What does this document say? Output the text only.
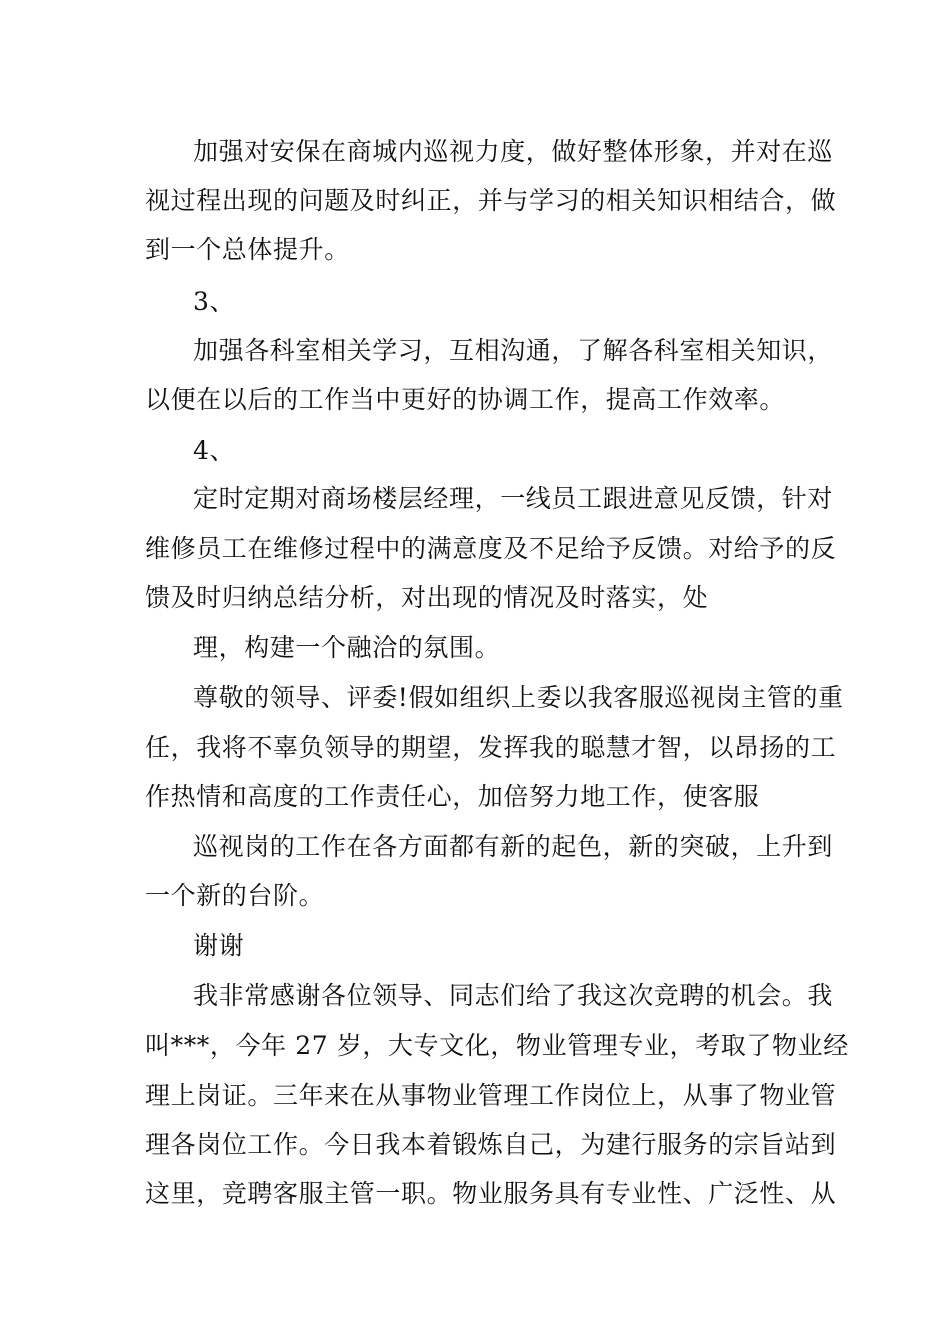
加强对安保在商城内巡视力度，做好整体形象，并对在巡
视过程出现的问题及时纠正，并与学习的相关知识相结合，做
到一个总体提升。
3、
加强各科室相关学习，互相沟通，了解各科室相关知识，
以便在以后的工作当中更好的协调工作，提高工作效率。
4、
定时定期对商场楼层经理，一线员工跟进意见反馈，针对
维修员工在维修过程中的满意度及不足给予反馈。对给予的反
馈及时归纳总结分析，对出现的情况及时落实，处
理，构建一个融洽的氛围。
尊敬的领导、评委!假如组织上委以我客服巡视岗主管的重
任，我将不辜负领导的期望，发挥我的聪慧才智，以昂扬的工
作热情和高度的工作责任心，加倍努力地工作，使客服
巡视岗的工作在各方面都有新的起色，新的突破，上升到
一个新的台阶。
谢谢
我非常感谢各位领导、同志们给了我这次竞聘的机会。我
叫***，今年 27 岁，大专文化，物业管理专业，考取了物业经
理上岗证。三年来在从事物业管理工作岗位上，从事了物业管
理各岗位工作。今日我本着锻炼自己，为建行服务的宗旨站到
这里，竞聘客服主管一职。物业服务具有专业性、广泛性、从
